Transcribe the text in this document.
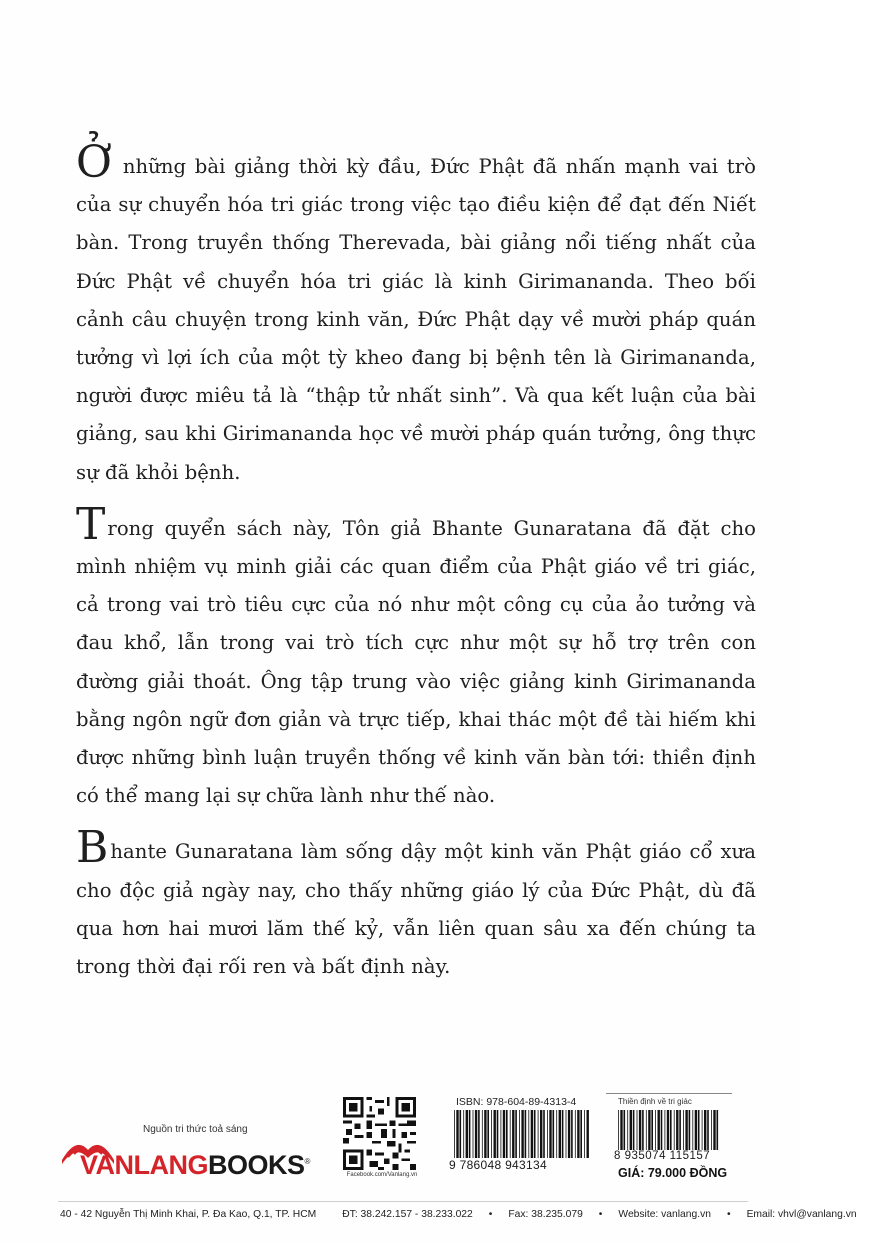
Ở những bài giảng thời kỳ đầu, Đức Phật đã nhấn mạnh vai trò của sự chuyển hóa tri giác trong việc tạo điều kiện để đạt đến Niết bàn. Trong truyền thống Therevada, bài giảng nổi tiếng nhất của Đức Phật về chuyển hóa tri giác là kinh Girimananda. Theo bối cảnh câu chuyện trong kinh văn, Đức Phật dạy về mười pháp quán tưởng vì lợi ích của một tỳ kheo đang bị bệnh tên là Girimananda, người được miêu tả là “thập tử nhất sinh”. Và qua kết luận của bài giảng, sau khi Girimananda học về mười pháp quán tưởng, ông thực sự đã khỏi bệnh.

Trong quyển sách này, Tôn giả Bhante Gunaratana đã đặt cho mình nhiệm vụ minh giải các quan điểm của Phật giáo về tri giác, cả trong vai trò tiêu cực của nó như một công cụ của ảo tưởng và đau khổ, lẫn trong vai trò tích cực như một sự hỗ trợ trên con đường giải thoát. Ông tập trung vào việc giảng kinh Girimananda bằng ngôn ngữ đơn giản và trực tiếp, khai thác một đề tài hiếm khi được những bình luận truyền thống về kinh văn bàn tới: thiền định có thể mang lại sự chữa lành như thế nào.

Bhante Gunaratana làm sống dậy một kinh văn Phật giáo cổ xưa cho độc giả ngày nay, cho thấy những giáo lý của Đức Phật, dù đã qua hơn hai mươi lăm thế kỷ, vẫn liên quan sâu xa đến chúng ta trong thời đại rối ren và bất định này.

Nguồn tri thức toả sáng
VANLANGBOOKS®
Facebook.com/Vanlang.vn
ISBN: 978-604-89-4313-4
9 786048 943134
Thiền định về tri giác
8 935074 115157
GIÁ: 79.000 ĐỒNG
40 - 42 Nguyễn Thị Minh Khai, P. Đa Kao, Q.1, TP. HCM	ĐT: 38.242.157 - 38.233.022 • Fax: 38.235.079 • Website: vanlang.vn • Email: vhvl@vanlang.vn
